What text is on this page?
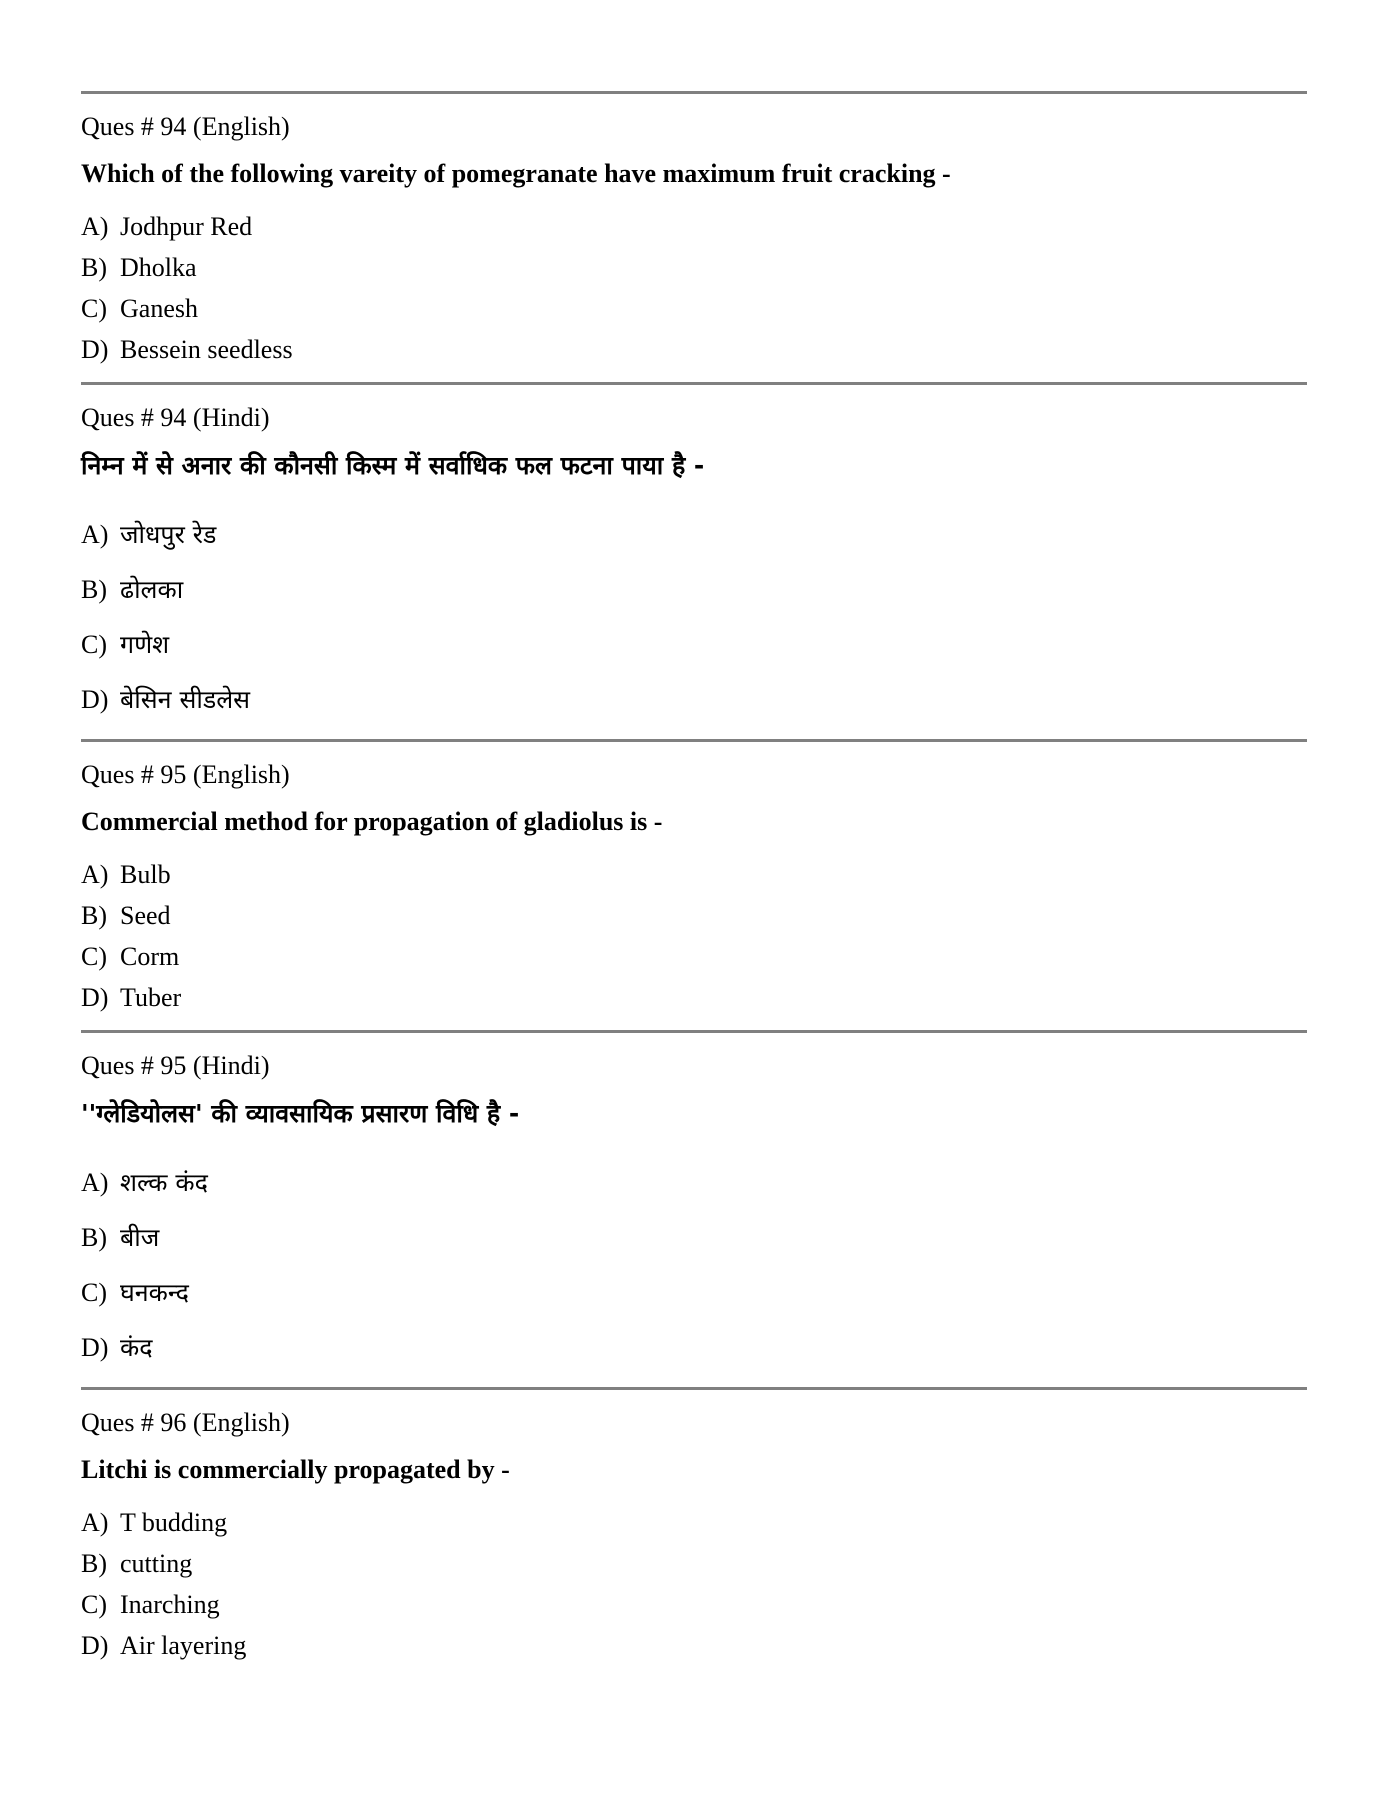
Ques # 94 (English)
Which of the following vareity of pomegranate have maximum fruit cracking -
A) Jodhpur Red
B) Dholka
C) Ganesh
D) Bessein seedless
Ques # 94 (Hindi)
निम्न में से अनार की कौनसी किस्म में सर्वाधिक फल फटना पाया है -
A) जोधपुर रेड
B) ढोलका
C) गणेश
D) बेसिन सीडलेस
Ques # 95 (English)
Commercial method for propagation of gladiolus is -
A) Bulb
B) Seed
C) Corm
D) Tuber
Ques # 95 (Hindi)
''ग्लेडियोलस' की व्यावसायिक प्रसारण विधि है -
A) शल्क कंद
B) बीज
C) घनकन्द
D) कंद
Ques # 96 (English)
Litchi is commercially propagated by -
A) T budding
B) cutting
C) Inarching
D) Air layering
